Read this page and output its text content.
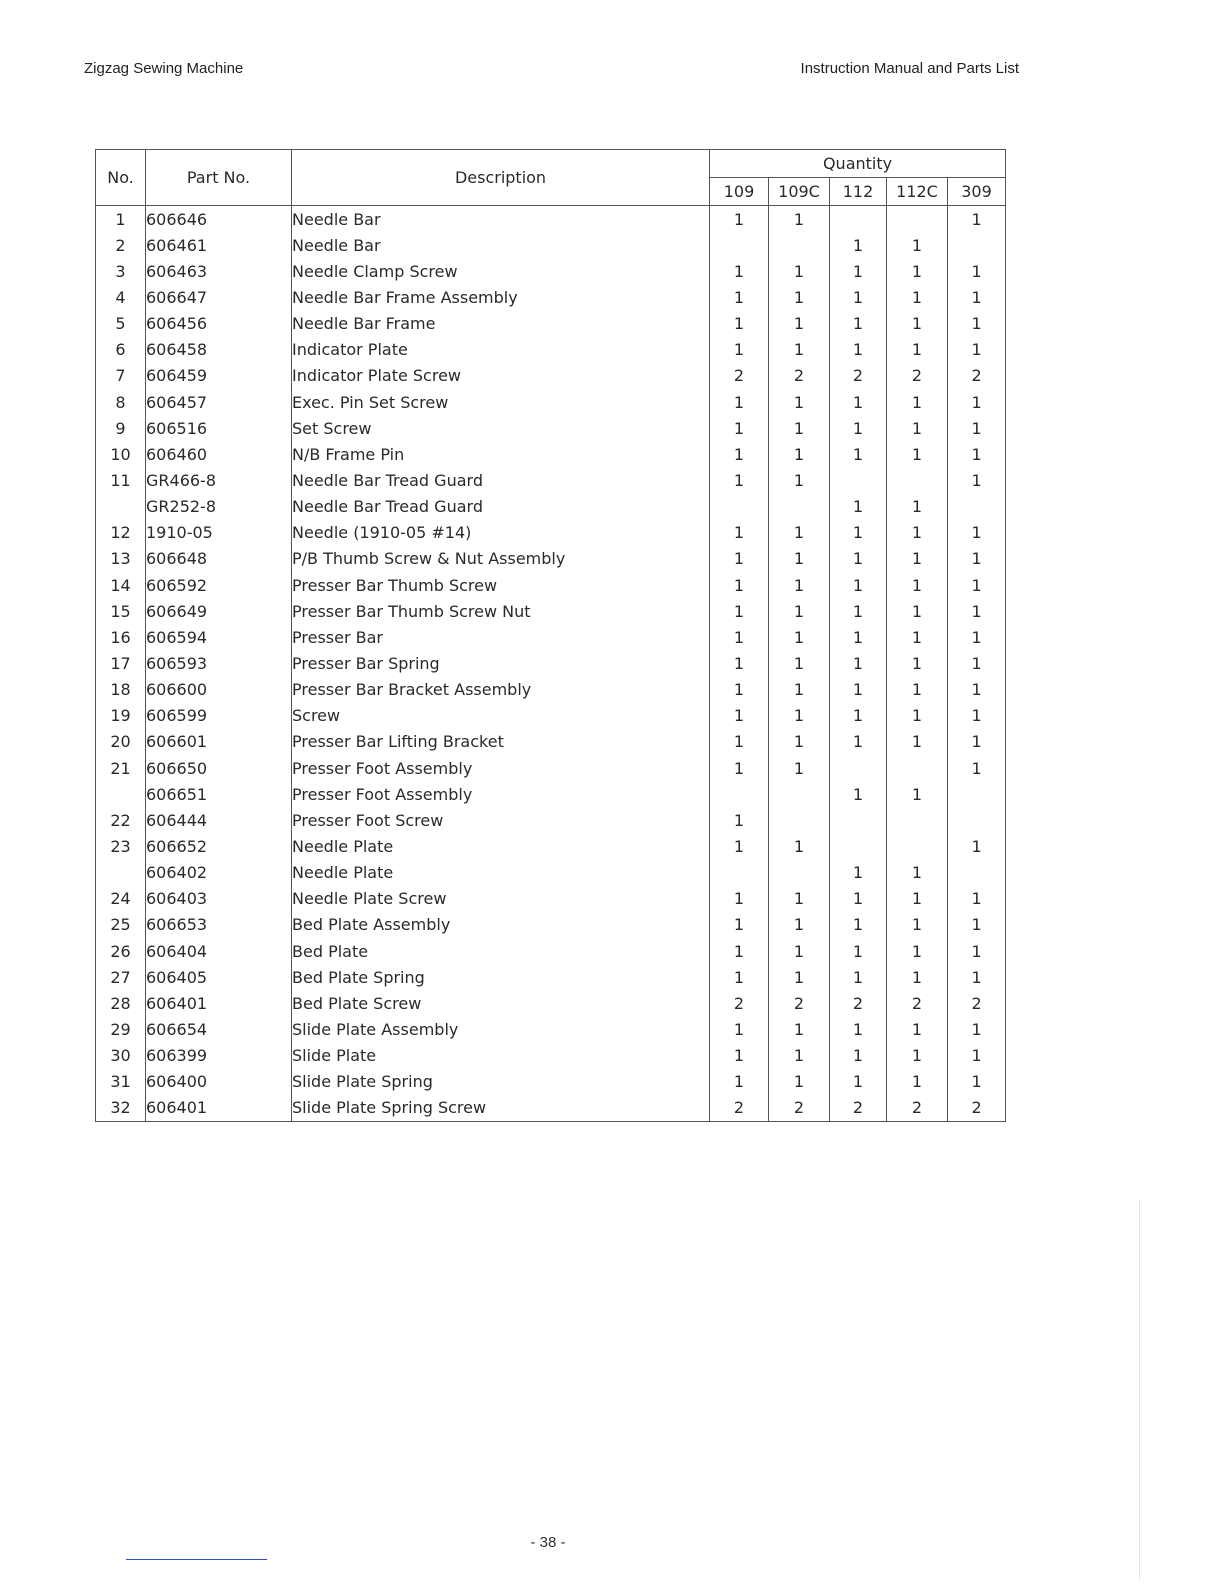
Zigzag Sewing Machine	Instruction Manual and Parts List
No.	Part No.	Description	Quantity				
			109	109C	112	112C	309
1	606646	Needle Bar	1	1			1
2	606461	Needle Bar			1	1	
3	606463	Needle Clamp Screw	1	1	1	1	1
4	606647	Needle Bar Frame Assembly	1	1	1	1	1
5	606456	Needle Bar Frame	1	1	1	1	1
6	606458	Indicator Plate	1	1	1	1	1
7	606459	Indicator Plate Screw	2	2	2	2	2
8	606457	Exec. Pin Set Screw	1	1	1	1	1
9	606516	Set Screw	1	1	1	1	1
10	606460	N/B Frame Pin	1	1	1	1	1
11	GR466-8	Needle Bar Tread Guard	1	1			1
	GR252-8	Needle Bar Tread Guard			1	1	
12	1910-05	Needle (1910-05 #14)	1	1	1	1	1
13	606648	P/B Thumb Screw & Nut Assembly	1	1	1	1	1
14	606592	Presser Bar Thumb Screw	1	1	1	1	1
15	606649	Presser Bar Thumb Screw Nut	1	1	1	1	1
16	606594	Presser Bar	1	1	1	1	1
17	606593	Presser Bar Spring	1	1	1	1	1
18	606600	Presser Bar Bracket Assembly	1	1	1	1	1
19	606599	Screw	1	1	1	1	1
20	606601	Presser Bar Lifting Bracket	1	1	1	1	1
21	606650	Presser Foot Assembly	1	1			1
	606651	Presser Foot Assembly			1	1	
22	606444	Presser Foot Screw	1				
23	606652	Needle Plate	1	1			1
	606402	Needle Plate			1	1	
24	606403	Needle Plate Screw	1	1	1	1	1
25	606653	Bed Plate Assembly	1	1	1	1	1
26	606404	Bed Plate	1	1	1	1	1
27	606405	Bed Plate Spring	1	1	1	1	1
28	606401	Bed Plate Screw	2	2	2	2	2
29	606654	Slide Plate Assembly	1	1	1	1	1
30	606399	Slide Plate	1	1	1	1	1
31	606400	Slide Plate Spring	1	1	1	1	1
32	606401	Slide Plate Spring Screw	2	2	2	2	2
- 38 -
